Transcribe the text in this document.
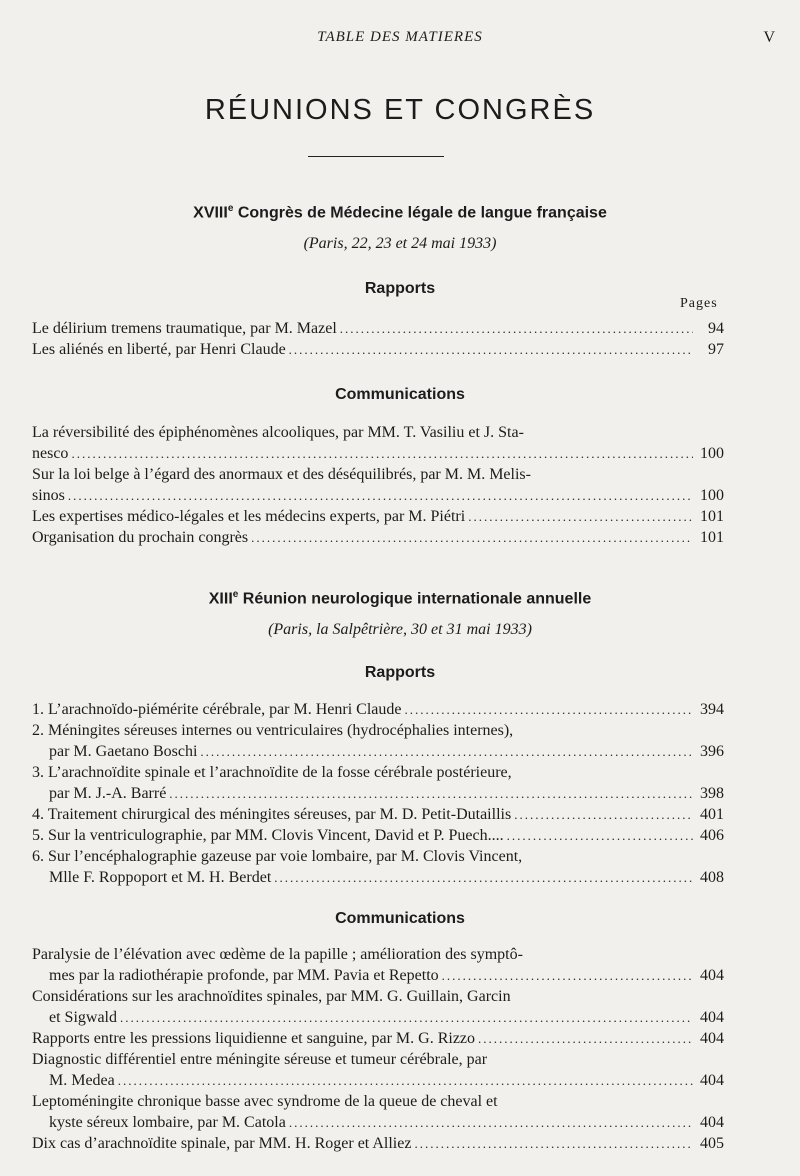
TABLE DES MATIERES	V
RÉUNIONS ET CONGRÈS
XVIIIe Congrès de Médecine légale de langue française
(Paris, 22, 23 et 24 mai 1933)
Rapports
Pages
Le délirium tremens traumatique, par M. Mazel .....	94
Les aliénés en liberté, par Henri Claude .....	97
Communications
La réversibilité des épiphénomènes alcooliques, par MM. T. Vasiliu et J. Sta-
nesco .....	100
Sur la loi belge à l’égard des anormaux et des déséquilibrés, par M. M. Melis-
sinos .....	100
Les expertises médico-légales et les médecins experts, par M. Piétri .....	101
Organisation du prochain congrès .....	101
XIIIe Réunion neurologique internationale annuelle
(Paris, la Salpêtrière, 30 et 31 mai 1933)
Rapports
1. L’arachnoïdo-piémérite cérébrale, par M. Henri Claude .....	394
2. Méningites séreuses internes ou ventriculaires (hydrocéphalies internes),
par M. Gaetano Boschi .....	396
3. L’arachnoïdite spinale et l’arachnoïdite de la fosse cérébrale postérieure,
par M. J.-A. Barré .....	398
4. Traitement chirurgical des méningites séreuses, par M. D. Petit-Dutaillis .....	401
5. Sur la ventriculographie, par MM. Clovis Vincent, David et P. Puech.... .....	406
6. Sur l’encéphalographie gazeuse par voie lombaire, par M. Clovis Vincent,
Mlle F. Roppoport et M. H. Berdet .....	408
Communications
Paralysie de l’élévation avec œdème de la papille ; amélioration des symptô-
mes par la radiothérapie profonde, par MM. Pavia et Repetto .....	404
Considérations sur les arachnoïdites spinales, par MM. G. Guillain, Garcin
et Sigwald .....	404
Rapports entre les pressions liquidienne et sanguine, par M. G. Rizzo .....	404
Diagnostic différentiel entre méningite séreuse et tumeur cérébrale, par
M. Medea .....	404
Leptoméningite chronique basse avec syndrome de la queue de cheval et
kyste séreux lombaire, par M. Catola .....	404
Dix cas d’arachnoïdite spinale, par MM. H. Roger et Alliez .....	405
